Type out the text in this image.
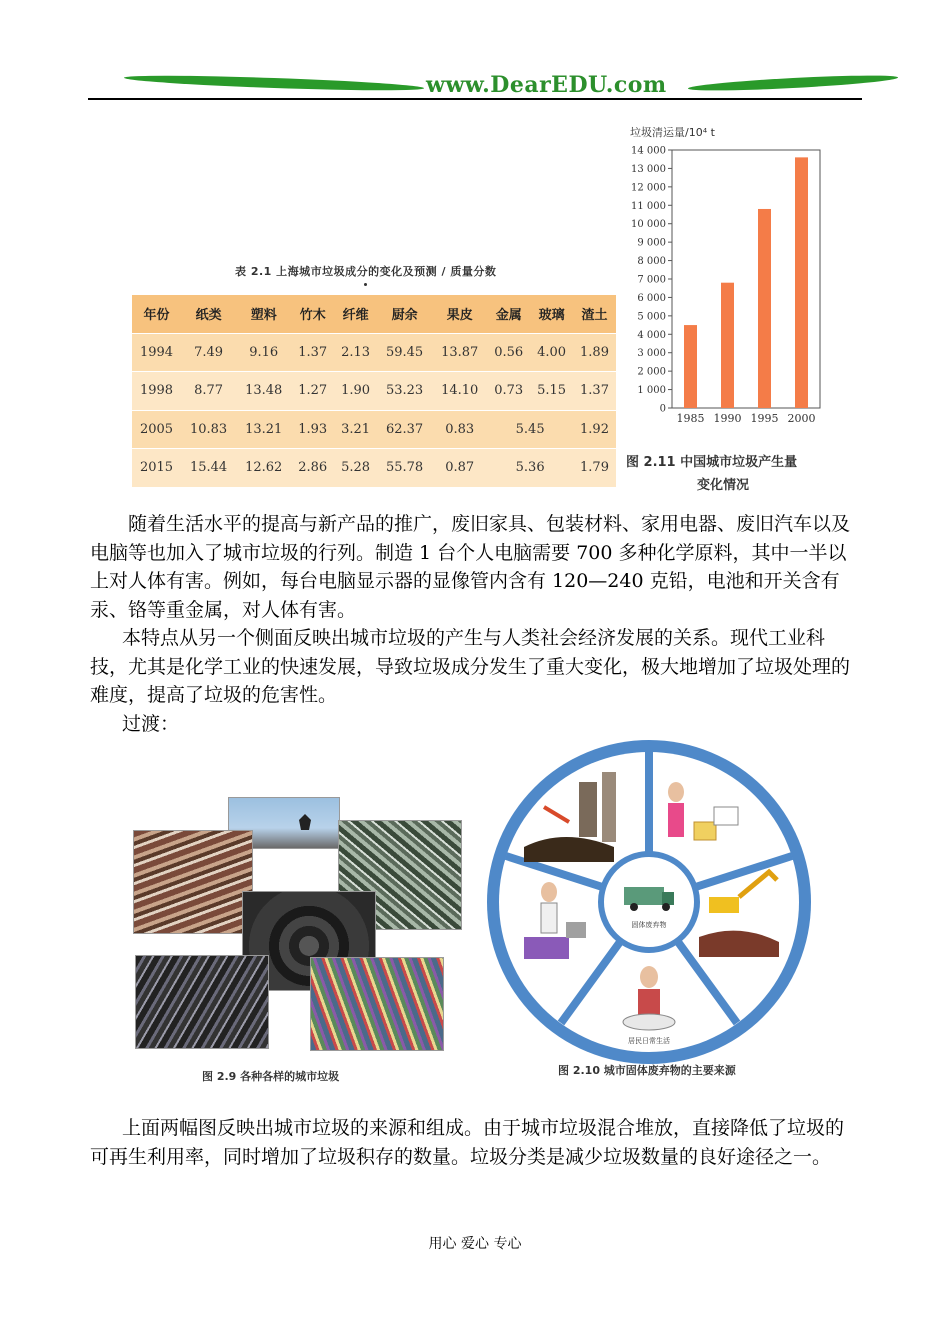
www.DearEDU.com
表 2.1 上海城市垃圾成分的变化及预测 / 质量分数
年份	纸类	塑料	竹木	纤维	厨余	果皮	金属	玻璃	渣土
1994	7.49	9.16	1.37	2.13	59.45	13.87	0.56	4.00	1.89
1998	8.77	13.48	1.27	1.90	53.23	14.10	0.73	5.15	1.37
2005	10.83	13.21	1.93	3.21	62.37	0.83	5.45		1.92
2015	15.44	12.62	2.86	5.28	55.78	0.87	5.36		1.79
垃圾清运量/10⁴ t
0
1 000
2 000
3 000
4 000
5 000
6 000
7 000
8 000
9 000
10 000
11 000
12 000
13 000
14 000
1985 1990 1995 2000
图 2.11 中国城市垃圾产生量
变化情况

随着生活水平的提高与新产品的推广，废旧家具、包装材料、家用电器、废旧汽车以及电脑等也加入了城市垃圾的行列。制造 1 台个人电脑需要 700 多种化学原料，其中一半以上对人体有害。例如，每台电脑显示器的显像管内含有 120—240 克铅，电池和开关含有汞、铬等重金属，对人体有害。

本特点从另一个侧面反映出城市垃圾的产生与人类社会经济发展的关系。现代工业科技，尤其是化学工业的快速发展，导致垃圾成分发生了重大变化，极大地增加了垃圾处理的难度，提高了垃圾的危害性。

过渡：

图 2.9 各种各样的城市垃圾
固体废弃物
居民日常生活
图 2.10 城市固体废弃物的主要来源

上面两幅图反映出城市垃圾的来源和组成。由于城市垃圾混合堆放，直接降低了垃圾的可再生利用率，同时增加了垃圾积存的数量。垃圾分类是减少垃圾数量的良好途径之一。

用心 爱心 专心
